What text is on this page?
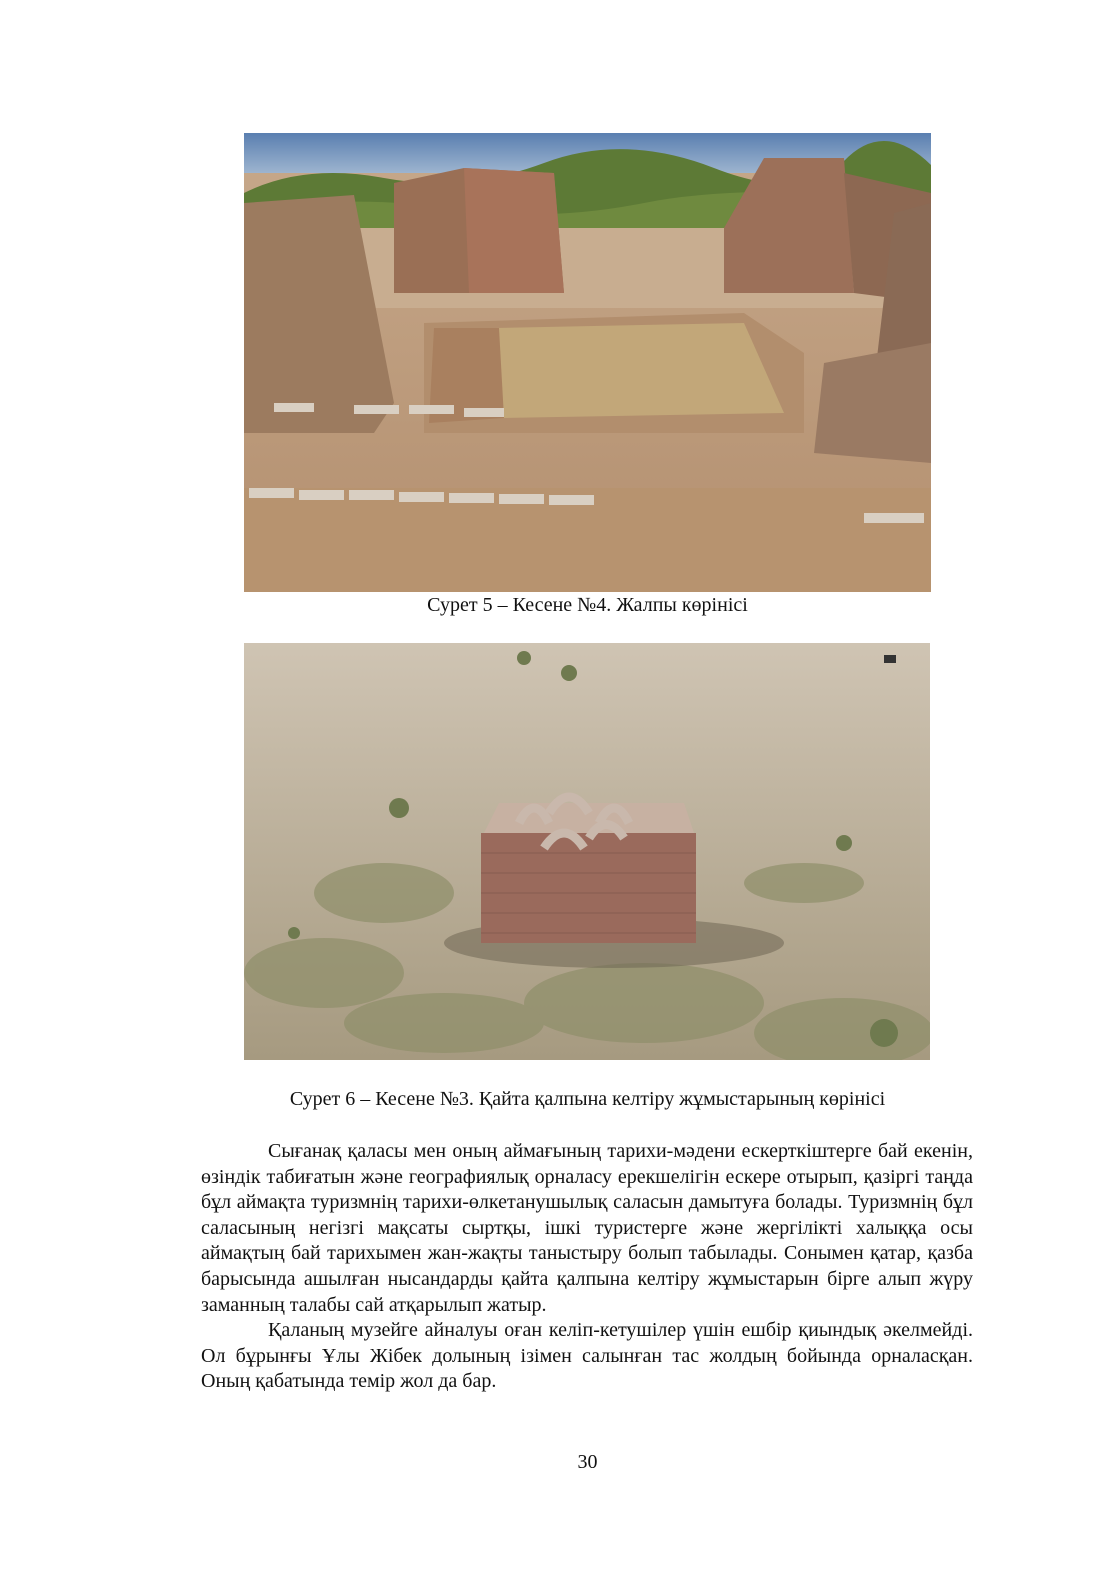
Сурет 5 – Кесене №4. Жалпы көрінісі
Сурет 6 – Кесене №3. Қайта қалпына келтіру жұмыстарының көрінісі

Сығанақ қаласы мен оның аймағының тарихи-мәдени ескерткіштерге бай екенін, өзіндік табиғатын және географиялық орналасу ерекшелігін ескере отырып, қазіргі таңда бұл аймақта туризмнің тарихи-өлкетанушылық саласын дамытуға болады. Туризмнің бұл саласының негізгі мақсаты сыртқы, ішкі туристерге және жергілікті халыққа осы аймақтың бай тарихымен жан-жақты таныстыру болып табылады. Сонымен қатар, қазба барысында ашылған нысандарды қайта қалпына келтіру жұмыстарын бірге алып жүру заманның талабы сай атқарылып жатыр.

Қаланың музейге айналуы оған келіп-кетушілер үшін ешбір қиындық әкелмейді. Ол бұрынғы Ұлы Жібек долының ізімен салынған тас жолдың бойында орналасқан. Оның қабатында темір жол да бар.

30
